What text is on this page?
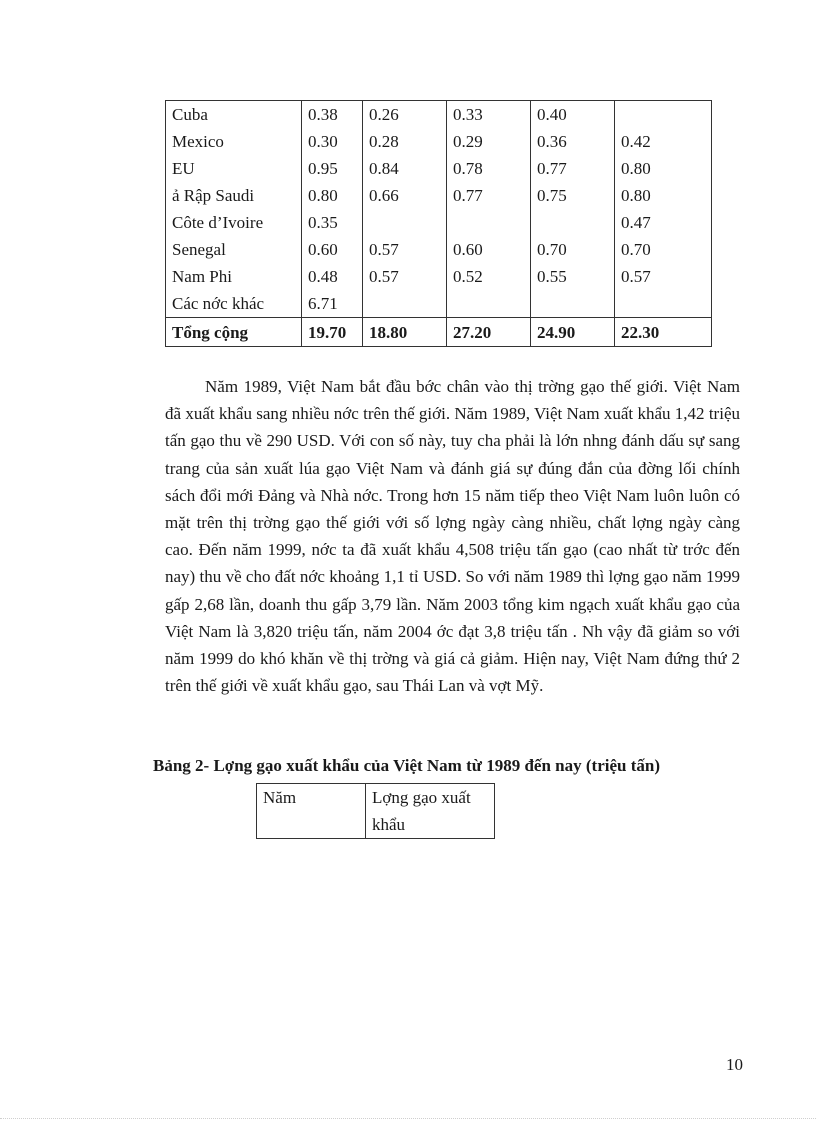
Cuba	0.38	0.26	0.33	0.40	
Mexico	0.30	0.28	0.29	0.36	0.42
EU	0.95	0.84	0.78	0.77	0.80
ả Rập Saudi	0.80	0.66	0.77	0.75	0.80
Côte d’Ivoire	0.35				0.47
Senegal	0.60	0.57	0.60	0.70	0.70
Nam Phi	0.48	0.57	0.52	0.55	0.57
Các nớc khác	6.71				
Tổng cộng	19.70	18.80	27.20	24.90	22.30

Năm 1989, Việt Nam bắt đầu bớc chân vào thị trờng gạo thế giới. Việt Nam đã xuất khẩu sang nhiều nớc trên thế giới. Năm 1989, Việt Nam xuất khẩu 1,42 triệu tấn gạo thu về 290 USD. Với con số này, tuy cha phải là lớn nhng đánh dấu sự sang trang của sản xuất lúa gạo Việt Nam và đánh giá sự đúng đắn của đờng lối chính sách đổi mới Đảng và Nhà nớc. Trong hơn 15 năm tiếp theo Việt Nam luôn luôn có mặt trên thị trờng gạo thế giới với số lợng ngày càng nhiều, chất lợng ngày càng cao. Đến năm 1999, nớc ta đã xuất khẩu 4,508 triệu tấn gạo (cao nhất từ trớc đến nay) thu về cho đất nớc khoảng 1,1 tỉ USD. So với năm 1989 thì lợng gạo năm 1999 gấp 2,68 lần, doanh thu gấp 3,79 lần. Năm 2003 tổng kim ngạch xuất khẩu gạo của Việt Nam là 3,820 triệu tấn, năm 2004 ớc đạt 3,8 triệu tấn . Nh vậy đã giảm so với năm 1999 do khó khăn về thị trờng và giá cả giảm. Hiện nay, Việt Nam đứng thứ 2 trên thế giới về xuất khẩu gạo, sau Thái Lan và vợt Mỹ.

Bảng 2- Lợng gạo xuất khẩu của Việt Nam từ 1989 đến nay (triệu tấn)

Năm	Lợng gạo xuất khẩu

10
